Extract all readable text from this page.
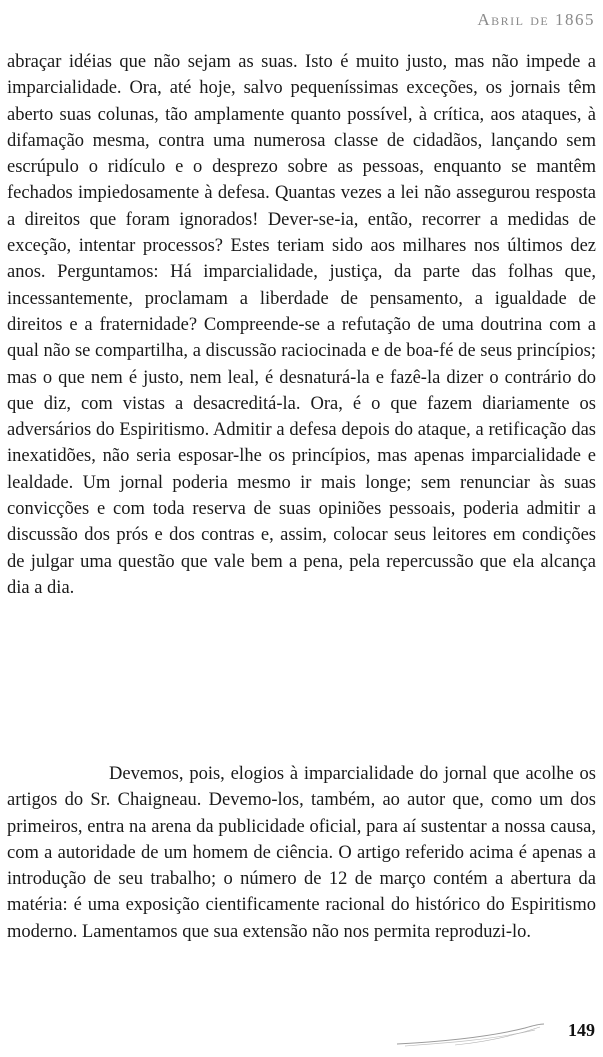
Abril de 1865
abraçar idéias que não sejam as suas. Isto é muito justo, mas não impede a imparcialidade. Ora, até hoje, salvo pequeníssimas exceções, os jornais têm aberto suas colunas, tão amplamente quanto possível, à crítica, aos ataques, à difamação mesma, contra uma numerosa classe de cidadãos, lançando sem escrúpulo o ridículo e o desprezo sobre as pessoas, enquanto se mantêm fechados impiedosamente à defesa. Quantas vezes a lei não assegurou resposta a direitos que foram ignorados! Dever-se-ia, então, recorrer a medidas de exceção, intentar processos? Estes teriam sido aos milhares nos últimos dez anos. Perguntamos: Há imparcialidade, justiça, da parte das folhas que, incessantemente, proclamam a liberdade de pensamento, a igualdade de direitos e a fraternidade? Compreende-se a refutação de uma doutrina com a qual não se compartilha, a discussão raciocinada e de boa-fé de seus princípios; mas o que nem é justo, nem leal, é desnaturá-la e fazê-la dizer o contrário do que diz, com vistas a desacreditá-la. Ora, é o que fazem diariamente os adversários do Espiritismo. Admitir a defesa depois do ataque, a retificação das inexatidões, não seria esposar-lhe os princípios, mas apenas imparcialidade e lealdade. Um jornal poderia mesmo ir mais longe; sem renunciar às suas convicções e com toda reserva de suas opiniões pessoais, poderia admitir a discussão dos prós e dos contras e, assim, colocar seus leitores em condições de julgar uma questão que vale bem a pena, pela repercussão que ela alcança dia a dia.
Devemos, pois, elogios à imparcialidade do jornal que acolhe os artigos do Sr. Chaigneau. Devemo-los, também, ao autor que, como um dos primeiros, entra na arena da publicidade oficial, para aí sustentar a nossa causa, com a autoridade de um homem de ciência. O artigo referido acima é apenas a introdução de seu trabalho; o número de 12 de março contém a abertura da matéria: é uma exposição cientificamente racional do histórico do Espiritismo moderno. Lamentamos que sua extensão não nos permita reproduzi-lo.
149
